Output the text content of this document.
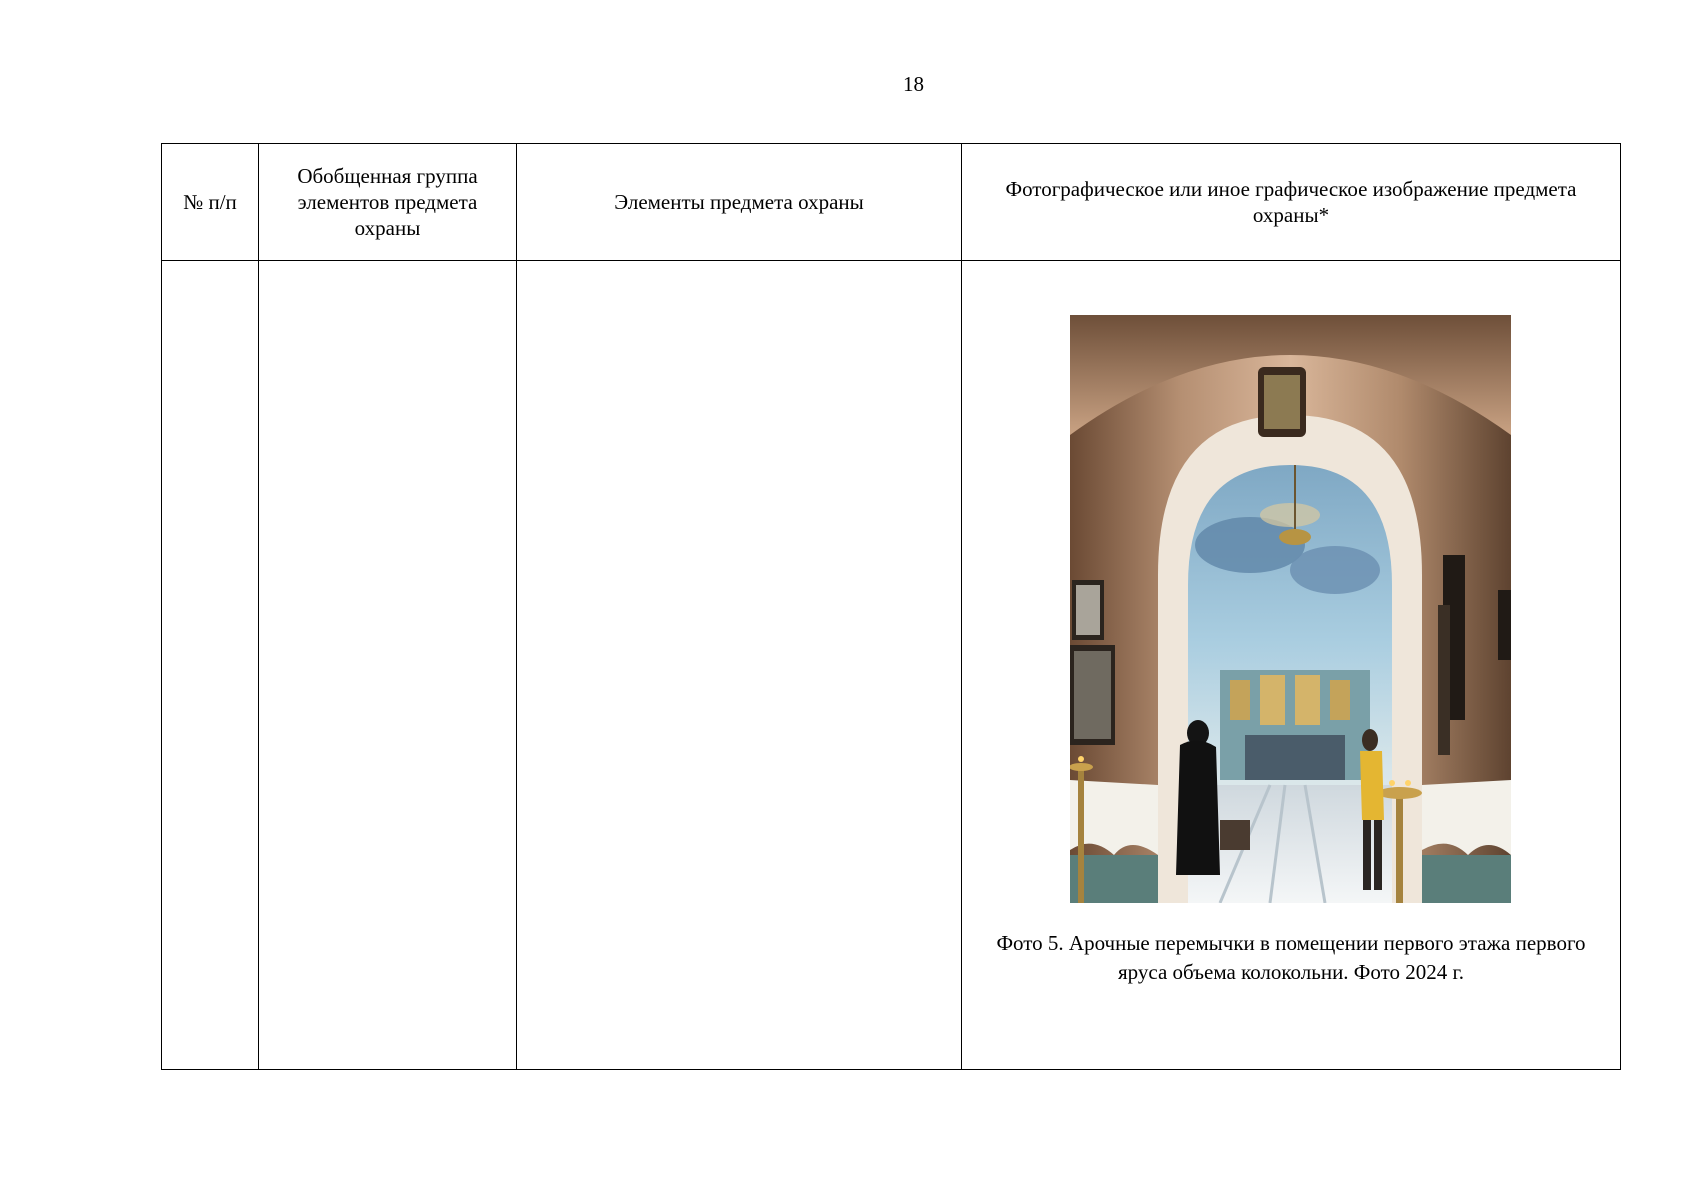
18
№ п/п	Обобщенная группа элементов предмета охраны	Элементы предмета охраны	Фотографическое или иное графическое изображение предмета охраны*

			Фото 5. Арочные перемычки в помещении первого этажа первого яруса объема колокольни. Фото 2024 г.
